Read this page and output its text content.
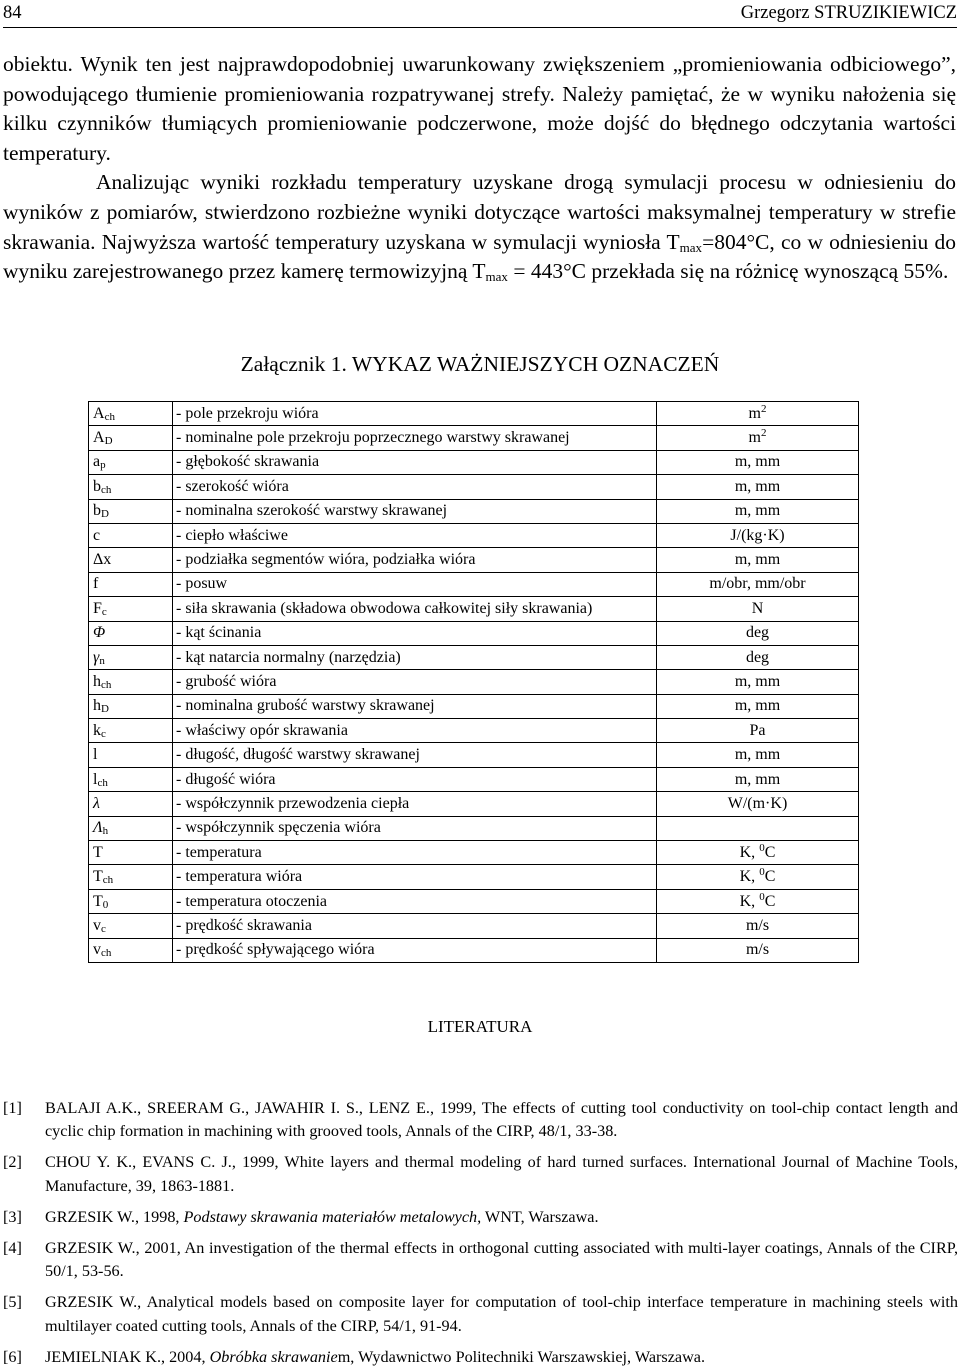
84	Grzegorz STRUZIKIEWICZ

obiektu. Wynik ten jest najprawdopodobniej uwarunkowany zwiększeniem „promieniowania odbiciowego”, powodującego tłumienie promieniowania rozpatrywanej strefy. Należy pamiętać, że w wyniku nałożenia się kilku czynników tłumiących promieniowanie podczerwone, może dojść do błędnego odczytania wartości temperatury.

Analizując wyniki rozkładu temperatury uzyskane drogą symulacji procesu w odniesieniu do wyników z pomiarów, stwierdzono rozbieżne wyniki dotyczące wartości maksymalnej temperatury w strefie skrawania. Najwyższa wartość temperatury uzyskana w symulacji wyniosła $T_{max}=804^\circ C$, co w odniesieniu do wyniku zarejestrowanego przez kamerę termowizyjną $T_{max} = 443^\circ C$ przekłada się na różnicę wynoszącą 55%.

Załącznik 1. WYKAZ WAŻNIEJSZYCH OZNACZEŃ
Ach	- pole przekroju wióra	$m^2$
AD	- nominalne pole przekroju poprzecznego warstwy skrawanej	$m^2$
ap	- głębokość skrawania	m, mm
bch	- szerokość wióra	m, mm
bD	- nominalna szerokość warstwy skrawanej	m, mm
c	- ciepło właściwe	J/(kg·K)
Δx	- podziałka segmentów wióra, podziałka wióra	m, mm
f	- posuw	m/obr, mm/obr
Fc	- siła skrawania (składowa obwodowa całkowitej siły skrawania)	N
Φ	- kąt ścinania	deg
γn	- kąt natarcia normalny (narzędzia)	deg
hch	- grubość wióra	m, mm
hD	- nominalna grubość warstwy skrawanej	m, mm
kc	- właściwy opór skrawania	Pa
l	- długość, długość warstwy skrawanej	m, mm
lch	- długość wióra	m, mm
λ	- współczynnik przewodzenia ciepła	W/(m·K)
Λh	- współczynnik spęczenia wióra	
T	- temperatura	K, $^0$C
Tch	- temperatura wióra	K, $^0$C
T0	- temperatura otoczenia	K, $^0$C
vc	- prędkość skrawania	m/s
vch	- prędkość spływającego wióra	m/s
LITERATURA
[1] BALAJI A.K., SREERAM G., JAWAHIR I. S., LENZ E., 1999, The effects of cutting tool conductivity on tool-chip contact length and cyclic chip formation in machining with grooved tools, Annals of the CIRP, 48/1, 33-38.
[2] CHOU Y. K., EVANS C. J., 1999, White layers and thermal modeling of hard turned surfaces. International Journal of Machine Tools, Manufacture, 39, 1863-1881.
[3] GRZESIK W., 1998, Podstawy skrawania materiałów metalowych, WNT, Warszawa.
[4] GRZESIK W., 2001, An investigation of the thermal effects in orthogonal cutting associated with multi-layer coatings, Annals of the CIRP, 50/1, 53-56.
[5] GRZESIK W., Analytical models based on composite layer for computation of tool-chip interface temperature in machining steels with multilayer coated cutting tools, Annals of the CIRP, 54/1, 91-94.
[6] JEMIELNIAK K., 2004, Obróbka skrawaniem, Wydawnictwo Politechniki Warszawskiej, Warszawa.
